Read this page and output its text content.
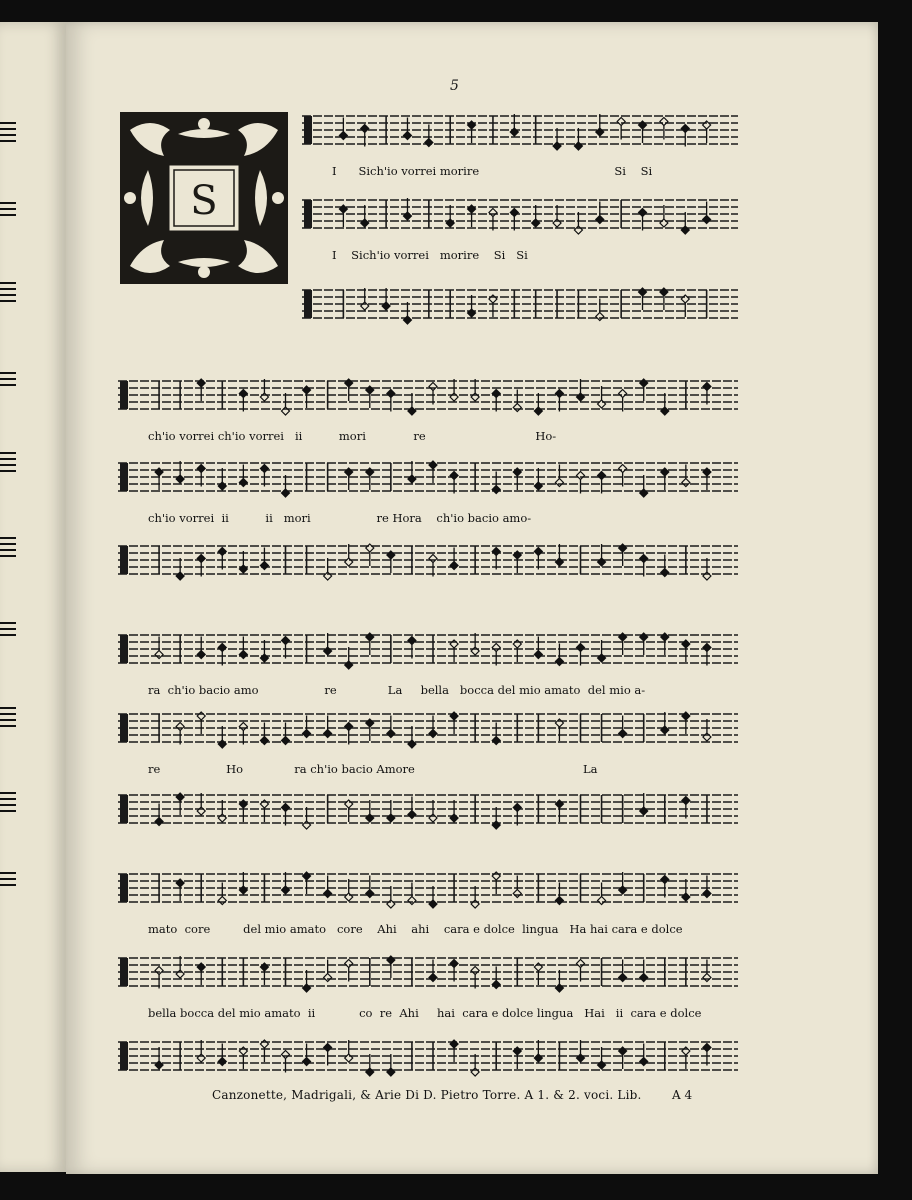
5
S
I      Sich'io vorrei morire                                     Si    Si
I    Sich'io vorrei   morire    Si   Si
ch'io vorrei ch'io vorrei   ii          mori             re                              Ho-
ch'io vorrei  ii          ii   mori                  re Hora    ch'io bacio amo-
ra  ch'io bacio amo                  re              La     bella   bocca del mio amato  del mio a-
re                  Ho              ra ch'io bacio Amore                                              La
mato  core         del mio amato   core    Ahi    ahi    cara e dolce  lingua   Ha hai cara e dolce
bella bocca del mio amato  ii            co  re  Ahi     hai  cara e dolce lingua   Hai   ii  cara e dolce
Canzonette, Madrigali, & Arie Di D. Pietro Torre. A 1. & 2. voci. Lib.	A 4
